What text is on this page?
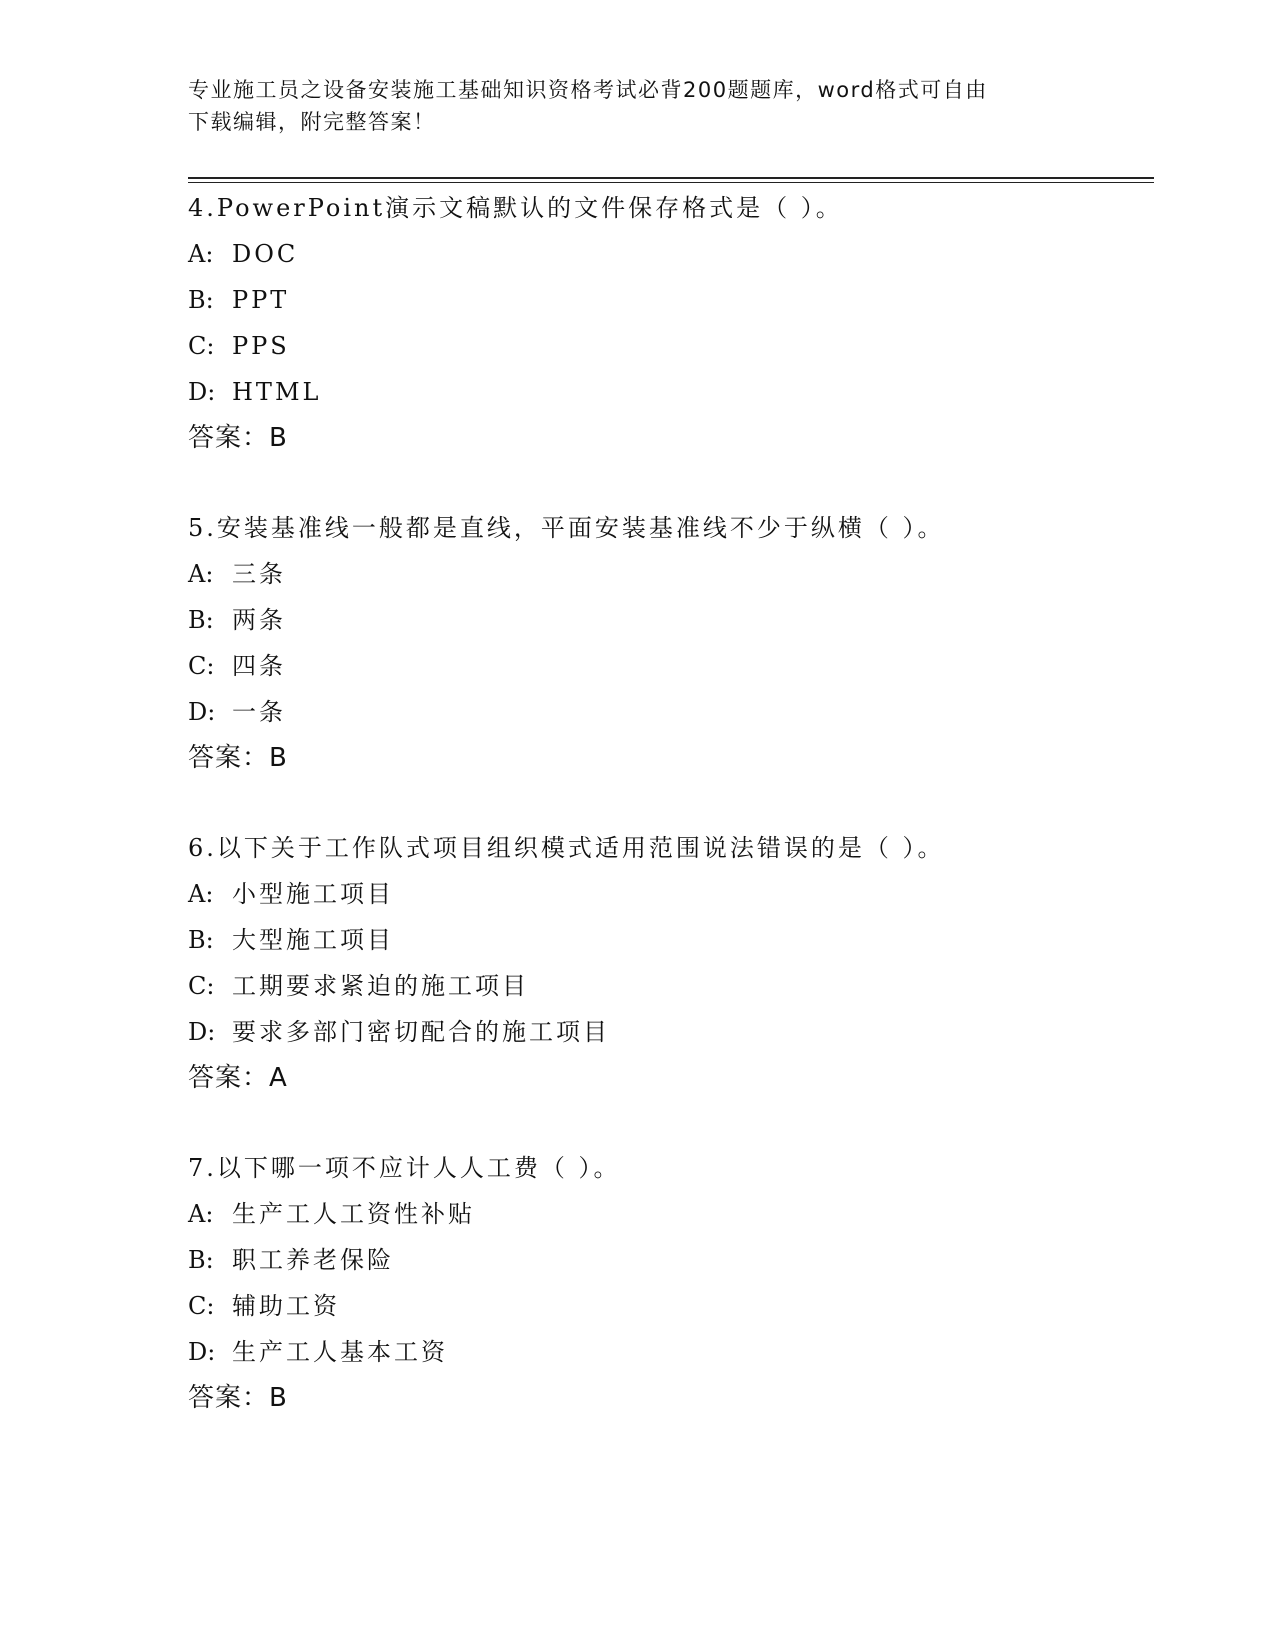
专业施工员之设备安装施工基础知识资格考试必背200题题库，word格式可自由
下载编辑，附完整答案！
4.PowerPoint演示文稿默认的文件保存格式是（ ）。
A: DOC
B: PPT
C: PPS
D: HTML
答案：B
5.安装基准线一般都是直线，平面安装基准线不少于纵横（ ）。
A: 三条
B: 两条
C: 四条
D: 一条
答案：B
6.以下关于工作队式项目组织模式适用范围说法错误的是（ ）。
A: 小型施工项目
B: 大型施工项目
C: 工期要求紧迫的施工项目
D: 要求多部门密切配合的施工项目
答案：A
7.以下哪一项不应计人人工费（ ）。
A: 生产工人工资性补贴
B: 职工养老保险
C: 辅助工资
D: 生产工人基本工资
答案：B
